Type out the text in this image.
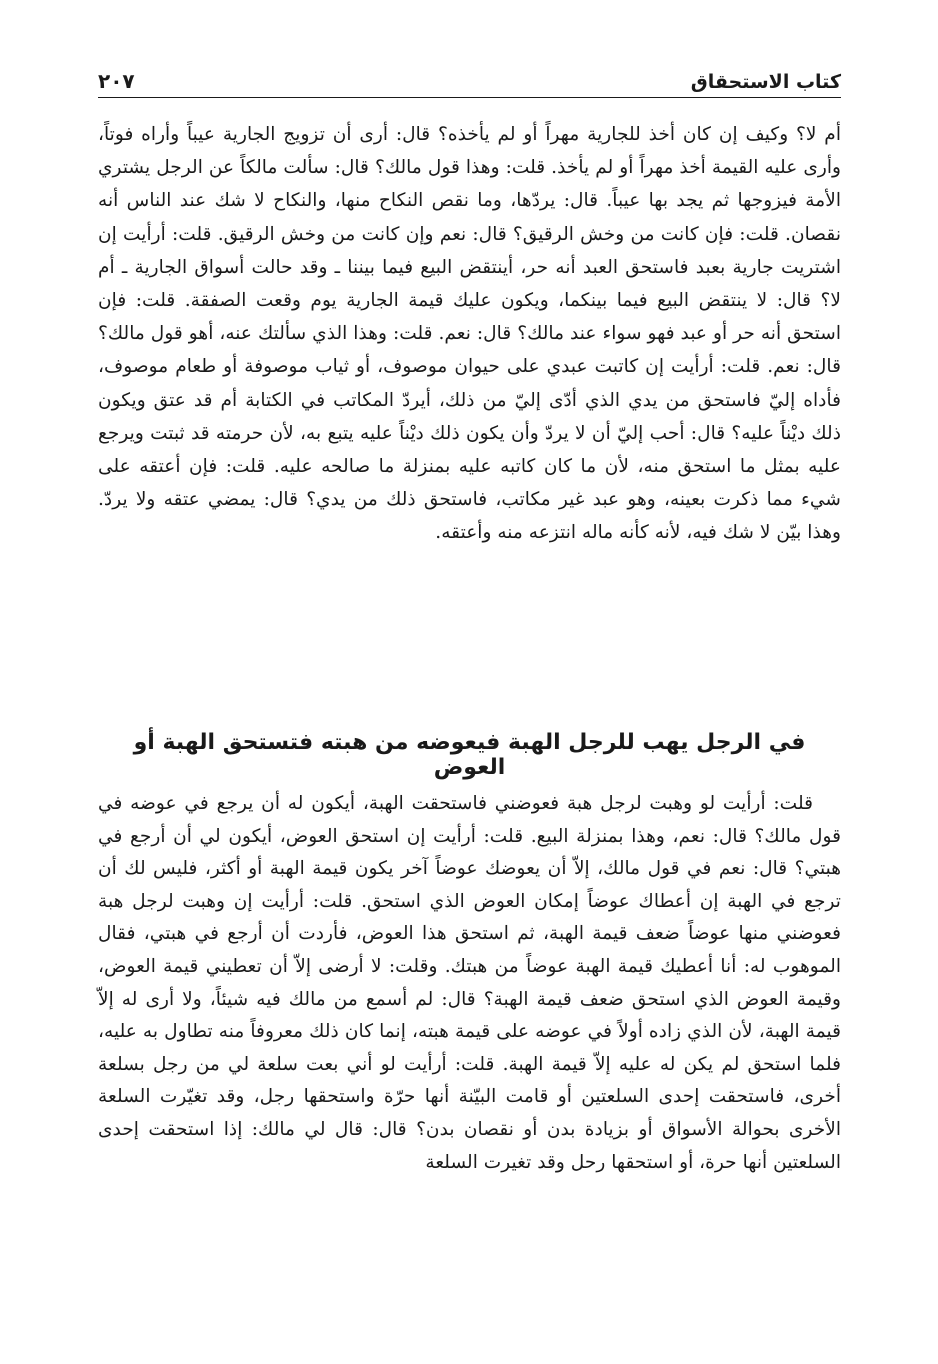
كتاب الاستحقاق
٢٠٧

أم لا؟ وكيف إن كان أخذ للجارية مهراً أو لم يأخذه؟ قال: أرى أن تزويج الجارية عيباً وأراه فوتاً، وأرى عليه القيمة أخذ مهراً أو لم يأخذ. قلت: وهذا قول مالك؟ قال: سألت مالكاً عن الرجل يشتري الأمة فيزوجها ثم يجد بها عيباً. قال: يردّها، وما نقص النكاح منها، والنكاح لا شك عند الناس أنه نقصان. قلت: فإن كانت من وخش الرقيق؟ قال: نعم وإن كانت من وخش الرقيق. قلت: أرأيت إن اشتريت جارية بعبد فاستحق العبد أنه حر، أينتقض البيع فيما بيننا ـ وقد حالت أسواق الجارية ـ أم لا؟ قال: لا ينتقض البيع فيما بينكما، ويكون عليك قيمة الجارية يوم وقعت الصفقة. قلت: فإن استحق أنه حر أو عبد فهو سواء عند مالك؟ قال: نعم. قلت: وهذا الذي سألتك عنه، أهو قول مالك؟ قال: نعم. قلت: أرأيت إن كاتبت عبدي على حيوان موصوف، أو ثياب موصوفة أو طعام موصوف، فأداه إليّ فاستحق من يدي الذي أدّى إليّ من ذلك، أيردّ المكاتب في الكتابة أم قد عتق ويكون ذلك ديْناً عليه؟ قال: أحب إليّ أن لا يردّ وأن يكون ذلك ديْناً عليه يتبع به، لأن حرمته قد ثبتت ويرجع عليه بمثل ما استحق منه، لأن ما كان كاتبه عليه بمنزلة ما صالحه عليه. قلت: فإن أعتقه على شيء مما ذكرت بعينه، وهو عبد غير مكاتب، فاستحق ذلك من يدي؟ قال: يمضي عتقه ولا يردّ. وهذا بيّن لا شك فيه، لأنه كأنه ماله انتزعه منه وأعتقه.

في الرجل يهب للرجل الهبة فيعوضه من هبته فتستحق الهبة أو العوض

قلت: أرأيت لو وهبت لرجل هبة فعوضني فاستحقت الهبة، أيكون له أن يرجع في عوضه في قول مالك؟ قال: نعم، وهذا بمنزلة البيع. قلت: أرأيت إن استحق العوض، أيكون لي أن أرجع في هبتي؟ قال: نعم في قول مالك، إلاّ أن يعوضك عوضاً آخر يكون قيمة الهبة أو أكثر، فليس لك أن ترجع في الهبة إن أعطاك عوضاً إمكان العوض الذي استحق. قلت: أرأيت إن وهبت لرجل هبة فعوضني منها عوضاً ضعف قيمة الهبة، ثم استحق هذا العوض، فأردت أن أرجع في هبتي، فقال الموهوب له: أنا أعطيك قيمة الهبة عوضاً من هبتك. وقلت: لا أرضى إلاّ أن تعطيني قيمة العوض، وقيمة العوض الذي استحق ضعف قيمة الهبة؟ قال: لم أسمع من مالك فيه شيئاً، ولا أرى له إلاّ قيمة الهبة، لأن الذي زاده أولاً في عوضه على قيمة هبته، إنما كان ذلك معروفاً منه تطاول به عليه، فلما استحق لم يكن له عليه إلاّ قيمة الهبة. قلت: أرأيت لو أني بعت سلعة لي من رجل بسلعة أخرى، فاستحقت إحدى السلعتين أو قامت البيّنة أنها حرّة واستحقها رجل، وقد تغيّرت السلعة الأخرى بحوالة الأسواق أو بزيادة بدن أو نقصان بدن؟ قال: قال لي مالك: إذا استحقت إحدى السلعتين أنها حرة، أو استحقها رحل وقد تغيرت السلعة
